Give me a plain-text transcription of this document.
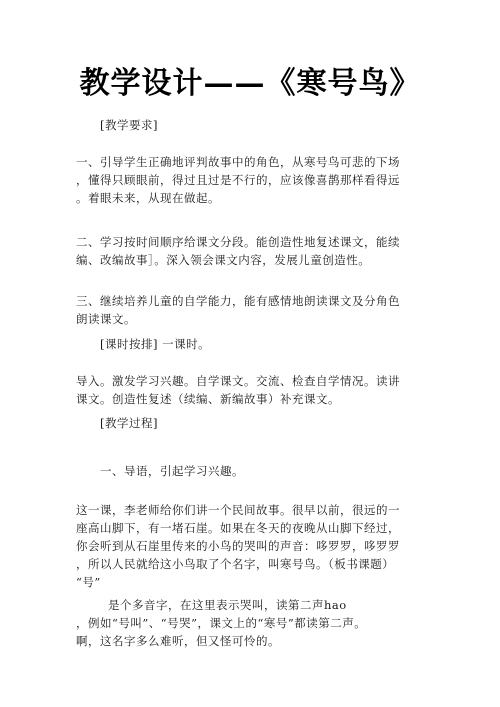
教学设计——《寒号鸟》
[教学要求]
一、引导学生正确地评判故事中的角色，从寒号鸟可悲的下场
，懂得只顾眼前，得过且过是不行的，应该像喜鹊那样看得远
。着眼未来，从现在做起。
二、学习按时间顺序给课文分段。能创造性地复述课文，能续
编、改编故事］。深入领会课文内容，发展儿童创造性。
三、继续培养儿童的自学能力，能有感情地朗读课文及分角色
朗读课文。
[课时按排] 一课时。
导入。激发学习兴趣。自学课文。交流、检查自学情况。读讲
课文。创造性复述（续编、新编故事）补充课文。
[教学过程]
一、导语，引起学习兴趣。
这一课，李老师给你们讲一个民间故事。很早以前，很远的一
座高山脚下，有一堵石崖。如果在冬天的夜晚从山脚下经过，
你会听到从石崖里传来的小鸟的哭叫的声音：哆罗罗，哆罗罗
，所以人民就给这小鸟取了个名字，叫寒号鸟。（板书课题）
“号”
是个多音字，在这里表示哭叫，读第二声hao
，例如“号叫”、“号哭”，课文上的“寒号”都读第二声。
啊，这名字多么难听，但又怪可怜的。
